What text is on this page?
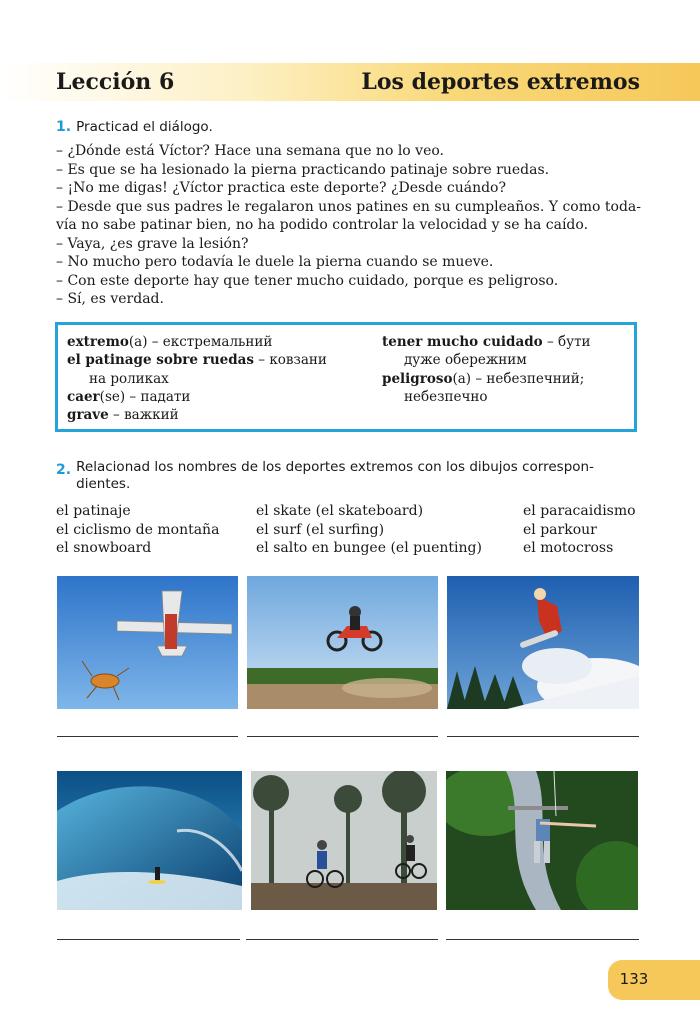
Lección 6	Los deportes extremos
1. Practicad el diálogo.
– ¿Dónde está Víctor? Hace una semana que no lo veo.
– Es que se ha lesionado la pierna practicando patinaje sobre ruedas.
– ¡No me digas! ¿Víctor practica este deporte? ¿Desde cuándo?
– Desde que sus padres le regalaron unos patines en su cumpleaños. Y como toda-
vía no sabe patinar bien, no ha podido controlar la velocidad y se ha caído.
– Vaya, ¿es grave la lesión?
– No mucho pero todavía le duele la pierna cuando se mueve.
– Con este deporte hay que tener mucho cuidado, porque es peligroso.
– Sí, es verdad.
extremo(a) – екстремальний
el patinage sobre ruedas – ковзани
на роликах
caer(se) – падати
grave – важкий
tener mucho cuidado – бути
дуже обережним
peligroso(a) – небезпечний;
небезпечно
2. Relacionad los nombres de los deportes extremos con los dibujos correspon-dientes.
el patinaje
el ciclismo de montaña
el snowboard
el skate (el skateboard)
el surf (el surfing)
el salto en bungee (el puenting)
el paracaidismo
el parkour
el motocross
133
